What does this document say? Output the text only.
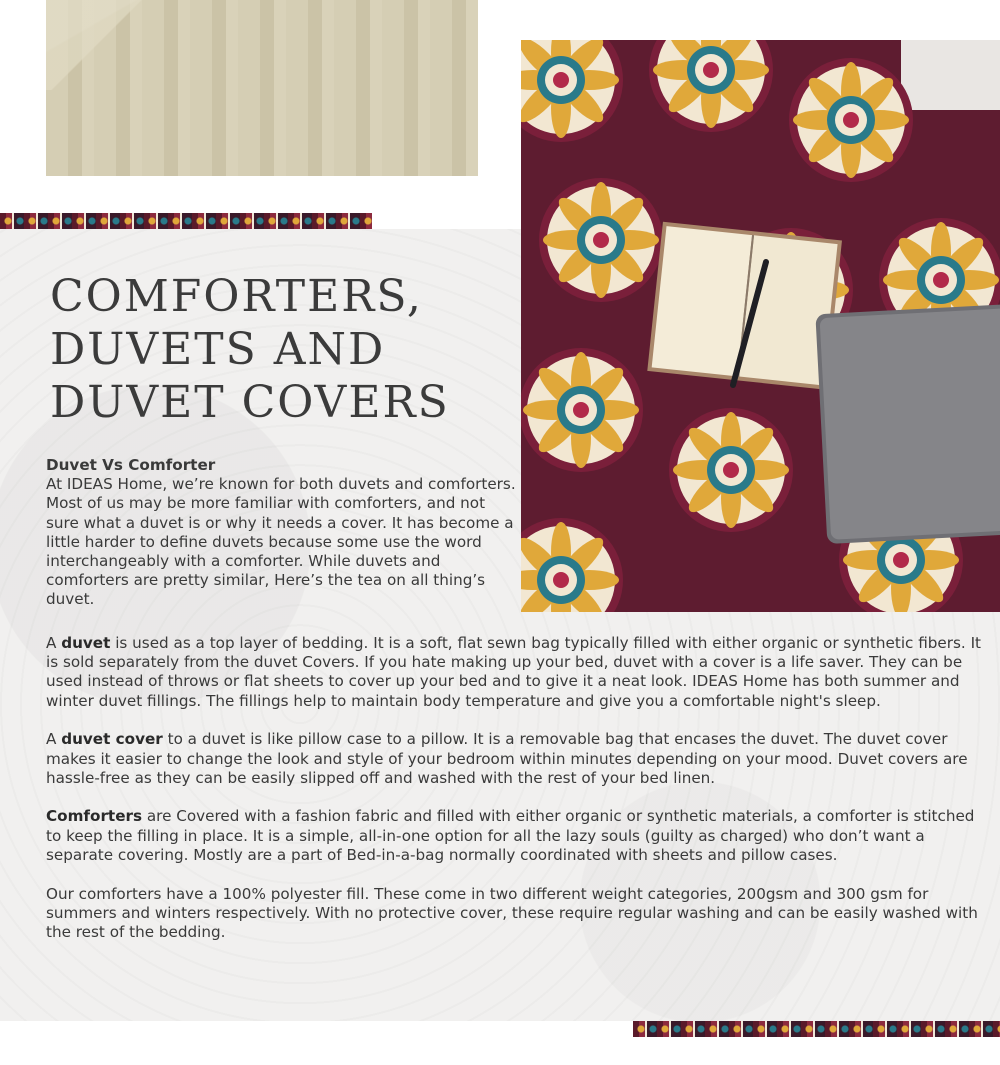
COMFORTERS,
DUVETS AND
DUVET COVERS
Duvet Vs Comforter
At IDEAS Home, we’re known for both duvets and comforters. Most of us may be more familiar with comforters, and not sure what a duvet is or why it needs a cover. It has become a little harder to define duvets because some use the word interchangeably with a comforter. While duvets and comforters are pretty similar, Here’s the tea on all thing’s duvet.

A duvet is used as a top layer of bedding. It is a soft, flat sewn bag typically filled with either organic or synthetic fibers. It is sold separately from the duvet Covers. If you hate making up your bed, duvet with a cover is a life saver. They can be used instead of throws or flat sheets to cover up your bed and to give it a neat look. IDEAS Home has both summer and winter duvet fillings. The fillings help to maintain body temperature and give you a comfortable night's sleep.

A duvet cover to a duvet is like pillow case to a pillow. It is a removable bag that encases the duvet. The duvet cover makes it easier to change the look and style of your bedroom within minutes depending on your mood. Duvet covers are hassle-free as they can be easily slipped off and washed with the rest of your bed linen.

Comforters are Covered with a fashion fabric and filled with either organic or synthetic materials, a comforter is stitched to keep the filling in place. It is a simple, all-in-one option for all the lazy souls (guilty as charged) who don’t want a separate covering. Mostly are a part of Bed-in-a-bag normally coordinated with sheets and pillow cases.

Our comforters have a 100% polyester fill. These come in two different weight categories, 200gsm and 300 gsm for summers and winters respectively. With no protective cover, these require regular washing and can be easily washed with the rest of the bedding.
